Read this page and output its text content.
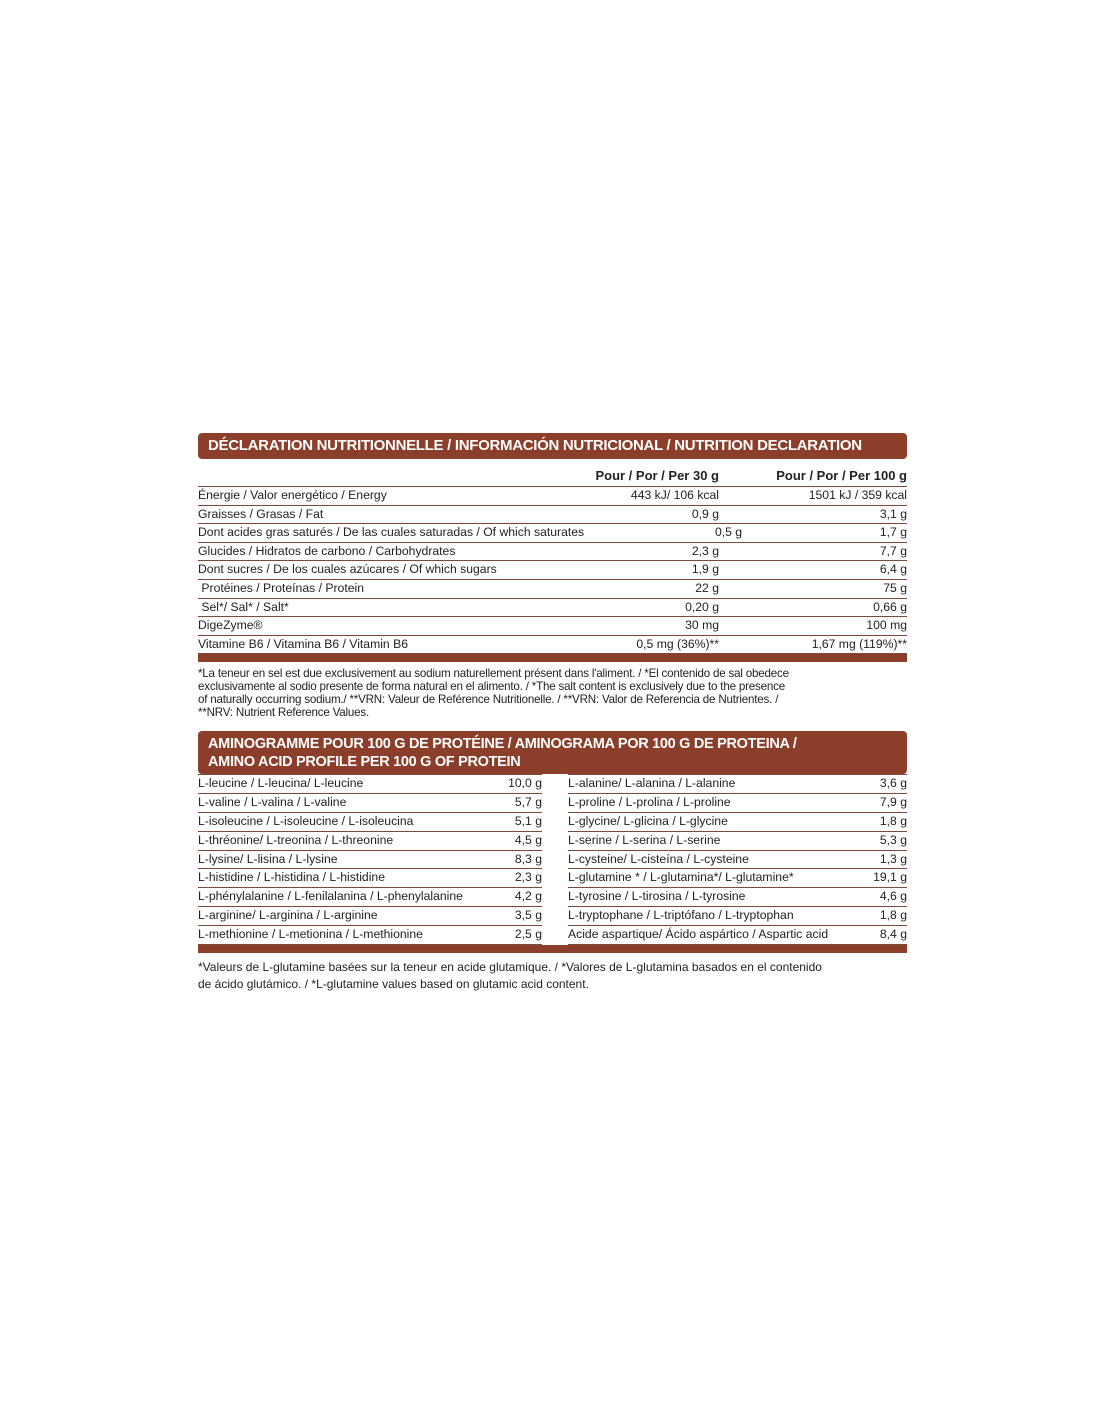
DÉCLARATION NUTRITIONNELLE / INFORMACIÓN NUTRICIONAL / NUTRITION DECLARATION
Pour / Por / Per 30 g	Pour / Por / Per 100 g
Énergie / Valor energético / Energy	443 kJ/ 106 kcal	1501 kJ / 359 kcal
Graisses / Grasas / Fat	0,9 g	3,1 g
Dont acides gras saturés / De las cuales saturadas / Of which saturates	0,5 g	1,7 g
Glucides / Hidratos de carbono / Carbohydrates	2,3 g	7,7 g
Dont sucres / De los cuales azúcares / Of which sugars	1,9 g	6,4 g
Protéines / Proteínas / Protein	22 g	75 g
Sel*/ Sal* / Salt*	0,20 g	0,66 g
DigeZyme®	30 mg	100 mg
Vitamine B6 / Vitamina B6 / Vitamin B6	0,5 mg (36%)**	1,67 mg (119%)**
*La teneur en sel est due exclusivement au sodium naturellement présent dans l'aliment. / *El contenido de sal obedece
exclusivamente al sodio presente de forma natural en el alimento. / *The salt content is exclusively due to the presence
of naturally occurring sodium./ **VRN: Valeur de Reférence Nutritionelle. / **VRN: Valor de Referencia de Nutrientes. /
**NRV: Nutrient Reference Values.
AMINOGRAMME POUR 100 G DE PROTÉINE / AMINOGRAMA POR 100 G DE PROTEINA /
AMINO ACID PROFILE PER 100 G OF PROTEIN
L-leucine / L-leucina/ L-leucine	10,0 g
L-valine / L-valina / L-valine	5,7 g
L-isoleucine / L-isoleucine / L-isoleucina	5,1 g
L-thréonine/ L-treonina / L-threonine	4,5 g
L-lysine/ L-lisina / L-lysine	8,3 g
L-histidine / L-histidina / L-histidine	2,3 g
L-phénylalanine / L-fenilalanina / L-phenylalanine	4,2 g
L-arginine/ L-arginina / L-arginine	3,5 g
L-methionine / L-metionina / L-methionine	2,5 g
L-alanine/ L-alanina / L-alanine	3,6 g
L-proline / L-prolina / L-proline	7,9 g
L-glycine/ L-glicina / L-glycine	1,8 g
L-serine / L-serina / L-serine	5,3 g
L-cysteine/ L-cisteína / L-cysteine	1,3 g
L-glutamine * / L-glutamina*/ L-glutamine*	19,1 g
L-tyrosine / L-tirosina / L-tyrosine	4,6 g
L-tryptophane / L-triptófano / L-tryptophan	1,8 g
Acide aspartique/ Ácido aspártico / Aspartic acid	8,4 g
*Valeurs de L-glutamine basées sur la teneur en acide glutamique. / *Valores de L-glutamina basados en el contenido
de ácido glutámico. / *L-glutamine values based on glutamic acid content.
